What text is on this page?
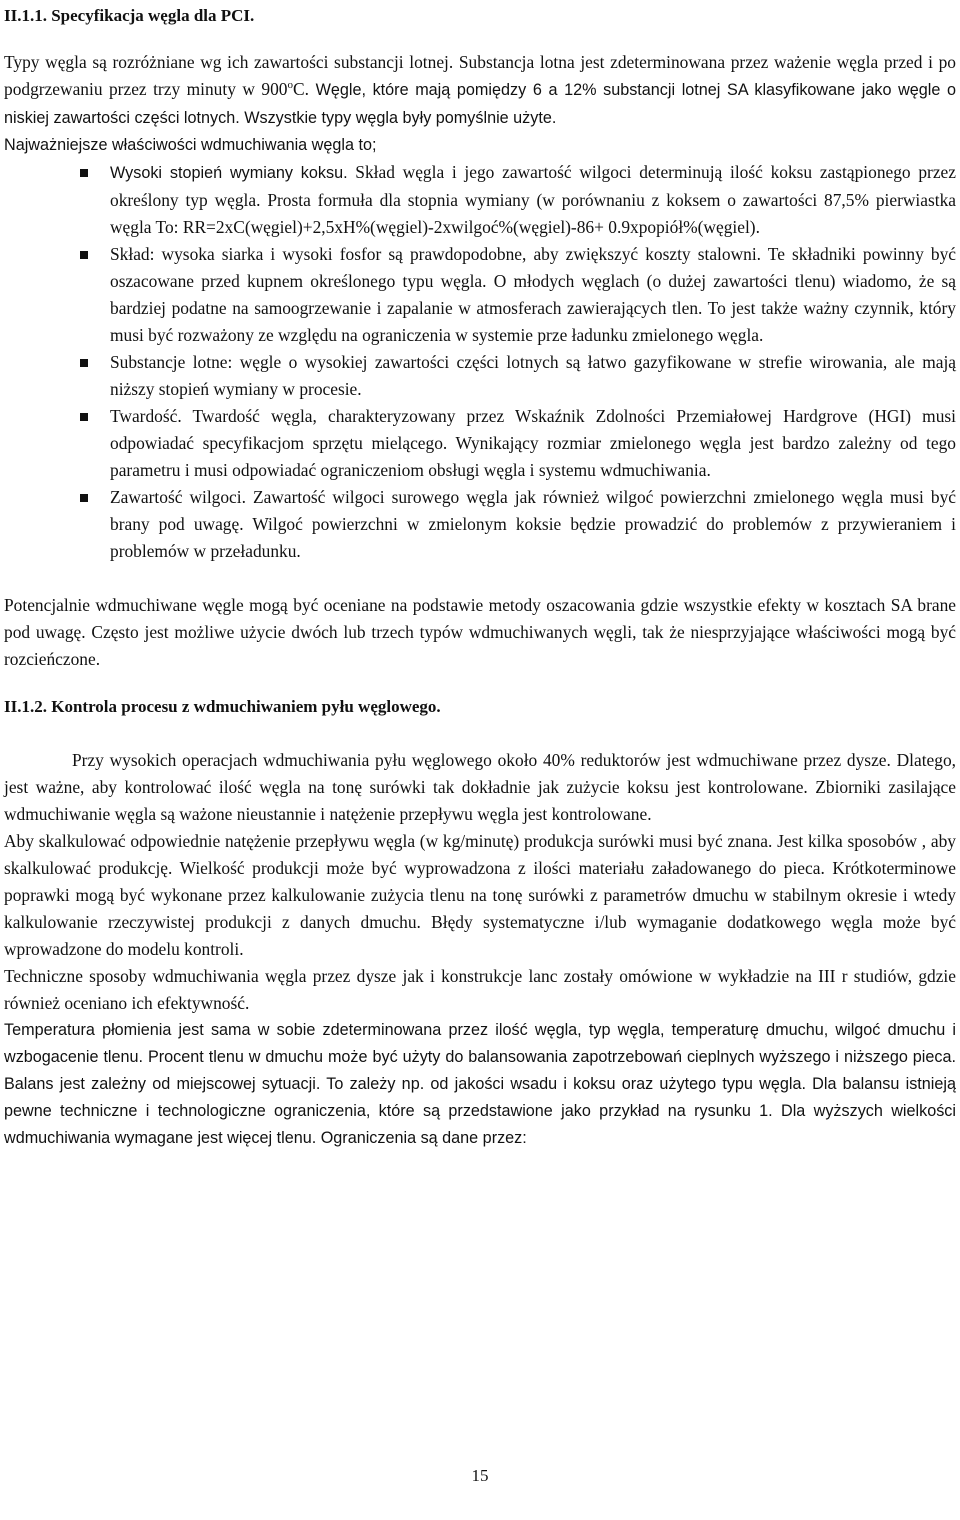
II.1.1. Specyfikacja węgla dla PCI.

Typy węgla są rozróżniane wg ich zawartości substancji lotnej. Substancja lotna jest zdeterminowana przez ważenie węgla przed i po podgrzewaniu przez trzy minuty w 900$^o$C. Węgle, które mają pomiędzy 6 a 12% substancji lotnej SA klasyfikowane jako węgle o niskiej zawartości części lotnych. Wszystkie typy węgla były pomyślnie użyte.

Najważniejsze właściwości wdmuchiwania węgla to;

Wysoki stopień wymiany koksu. Skład węgla i jego zawartość wilgoci determinują ilość koksu zastąpionego przez określony typ węgla. Prosta formuła dla stopnia wymiany (w porównaniu z koksem o zawartości 87,5% pierwiastka węgla To: RR=2xC(węgiel)+2,5xH%(węgiel)-2xwilgoć%(węgiel)-86+ 0.9xpopiół%(węgiel).

Skład: wysoka siarka i wysoki fosfor są prawdopodobne, aby zwiększyć koszty stalowni. Te składniki powinny być oszacowane przed kupnem określonego typu węgla. O młodych węglach (o dużej zawartości tlenu) wiadomo, że są bardziej podatne na samoogrzewanie i zapalanie w atmosferach zawierających tlen. To jest także ważny czynnik, który musi być rozważony ze względu na ograniczenia w systemie prze ładunku zmielonego węgla.

Substancje lotne: węgle o wysokiej zawartości części lotnych są łatwo gazyfikowane w strefie wirowania, ale mają niższy stopień wymiany w procesie.

Twardość. Twardość węgla, charakteryzowany przez Wskaźnik Zdolności Przemiałowej Hardgrove (HGI) musi odpowiadać specyfikacjom sprzętu mielącego. Wynikający rozmiar zmielonego węgla jest bardzo zależny od tego parametru i musi odpowiadać ograniczeniom obsługi węgla i systemu wdmuchiwania.

Zawartość wilgoci. Zawartość wilgoci surowego węgla jak również wilgoć powierzchni zmielonego węgla musi być brany pod uwagę. Wilgoć powierzchni w zmielonym koksie będzie prowadzić do problemów z przywieraniem i problemów w przeładunku.

Potencjalnie wdmuchiwane węgle mogą być oceniane na podstawie metody oszacowania gdzie wszystkie efekty w kosztach SA brane pod uwagę. Często jest możliwe użycie dwóch lub trzech typów wdmuchiwanych węgli, tak że niesprzyjające właściwości mogą być rozcieńczone.

II.1.2. Kontrola procesu z wdmuchiwaniem pyłu węglowego.

Przy wysokich operacjach wdmuchiwania pyłu węglowego około 40% reduktorów jest wdmuchiwane przez dysze. Dlatego, jest ważne, aby kontrolować ilość węgla na tonę surówki tak dokładnie jak zużycie koksu jest kontrolowane. Zbiorniki zasilające wdmuchiwanie węgla są ważone nieustannie i natężenie przepływu węgla jest kontrolowane.

Aby skalkulować odpowiednie natężenie przepływu węgla (w kg/minutę) produkcja surówki musi być znana. Jest kilka sposobów , aby skalkulować produkcję. Wielkość produkcji może być wyprowadzona z ilości materiału załadowanego do pieca. Krótkoterminowe poprawki mogą być wykonane przez kalkulowanie zużycia tlenu na tonę surówki z parametrów dmuchu w stabilnym okresie i wtedy kalkulowanie rzeczywistej produkcji z danych dmuchu. Błędy systematyczne i/lub wymaganie dodatkowego węgla może być wprowadzone do modelu kontroli.

Techniczne sposoby wdmuchiwania węgla przez dysze jak i konstrukcje lanc zostały omówione w wykładzie na III r studiów, gdzie również oceniano ich efektywność.

Temperatura płomienia jest sama w sobie zdeterminowana przez ilość węgla, typ węgla, temperaturę dmuchu, wilgoć dmuchu i wzbogacenie tlenu. Procent tlenu w dmuchu może być użyty do balansowania zapotrzebowań cieplnych wyższego i niższego pieca. Balans jest zależny od miejscowej sytuacji. To zależy np. od jakości wsadu i koksu oraz użytego typu węgla. Dla balansu istnieją pewne techniczne i technologiczne ograniczenia, które są przedstawione jako przykład na rysunku 1. Dla wyższych wielkości wdmuchiwania wymagane jest więcej tlenu. Ograniczenia są dane przez:

15
